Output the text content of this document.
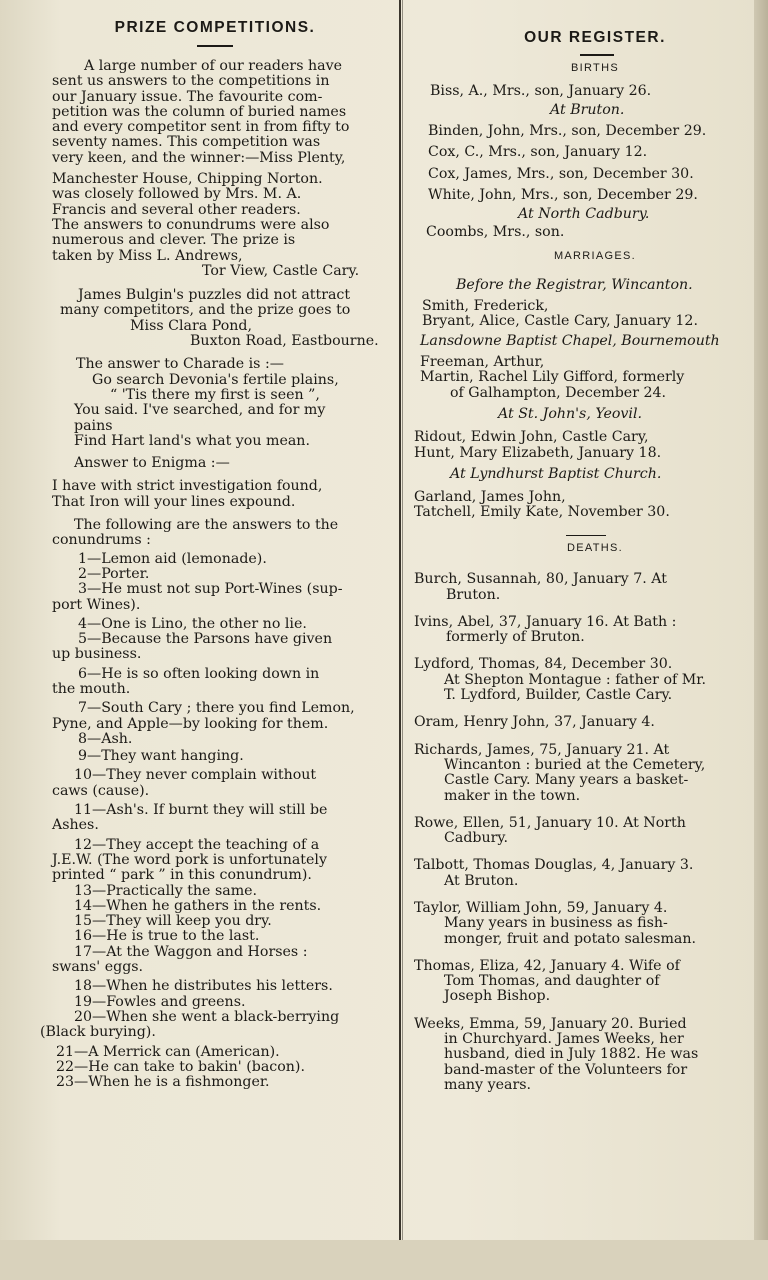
PRIZE COMPETITIONS.
A large number of our readers have
sent us answers to the competitions in
our January issue. The favourite com-
petition was the column of buried names
and every competitor sent in from fifty to
seventy names. This competition was
very keen, and the winner:—Miss Plenty,
Manchester House, Chipping Norton.
was closely followed by Mrs. M. A.
Francis and several other readers.
The answers to conundrums were also
numerous and clever. The prize is
taken by Miss L. Andrews,
Tor View, Castle Cary.
James Bulgin's puzzles did not attract
many competitors, and the prize goes to
Miss Clara Pond,
Buxton Road, Eastbourne.
The answer to Charade is :—
Go search Devonia's fertile plains,
“ 'Tis there my first is seen ”,
You said. I've searched, and for my
pains
Find Hart land's what you mean.
Answer to Enigma :—
I have with strict investigation found,
That Iron will your lines expound.
The following are the answers to the
conundrums :
1—Lemon aid (lemonade).
2—Porter.
3—He must not sup Port-Wines (sup-
port Wines).
4—One is Lino, the other no lie.
5—Because the Parsons have given
up business.
6—He is so often looking down in
the mouth.
7—South Cary ; there you find Lemon,
Pyne, and Apple—by looking for them.
8—Ash.
9—They want hanging.
10—They never complain without
caws (cause).
11—Ash's. If burnt they will still be
Ashes.
12—They accept the teaching of a
J.E.W. (The word pork is unfortunately
printed “ park ” in this conundrum).
13—Practically the same.
14—When he gathers in the rents.
15—They will keep you dry.
16—He is true to the last.
17—At the Waggon and Horses :
swans' eggs.
18—When he distributes his letters.
19—Fowles and greens.
20—When she went a black-berrying
(Black burying).
21—A Merrick can (American).
22—He can take to bakin' (bacon).
23—When he is a fishmonger.
OUR REGISTER.
BIRTHS
Biss, A., Mrs., son, January 26.
At Bruton.
Binden, John, Mrs., son, December 29.
Cox, C., Mrs., son, January 12.
Cox, James, Mrs., son, December 30.
White, John, Mrs., son, December 29.
At North Cadbury.
Coombs, Mrs., son.
MARRIAGES.
Before the Registrar, Wincanton.
Smith, Frederick,
Bryant, Alice, Castle Cary, January 12.
Lansdowne Baptist Chapel, Bournemouth
Freeman, Arthur,
Martin, Rachel Lily Gifford, formerly
of Galhampton, December 24.
At St. John's, Yeovil.
Ridout, Edwin John, Castle Cary,
Hunt, Mary Elizabeth, January 18.
At Lyndhurst Baptist Church.
Garland, James John,
Tatchell, Emily Kate, November 30.
DEATHS.
Burch, Susannah, 80, January 7. At
Bruton.
Ivins, Abel, 37, January 16. At Bath :
formerly of Bruton.
Lydford, Thomas, 84, December 30.
At Shepton Montague : father of Mr.
T. Lydford, Builder, Castle Cary.
Oram, Henry John, 37, January 4.
Richards, James, 75, January 21. At
Wincanton : buried at the Cemetery,
Castle Cary. Many years a basket-
maker in the town.
Rowe, Ellen, 51, January 10. At North
Cadbury.
Talbott, Thomas Douglas, 4, January 3.
At Bruton.
Taylor, William John, 59, January 4.
Many years in business as fish-
monger, fruit and potato salesman.
Thomas, Eliza, 42, January 4. Wife of
Tom Thomas, and daughter of
Joseph Bishop.
Weeks, Emma, 59, January 20. Buried
in Churchyard. James Weeks, her
husband, died in July 1882. He was
band-master of the Volunteers for
many years.
